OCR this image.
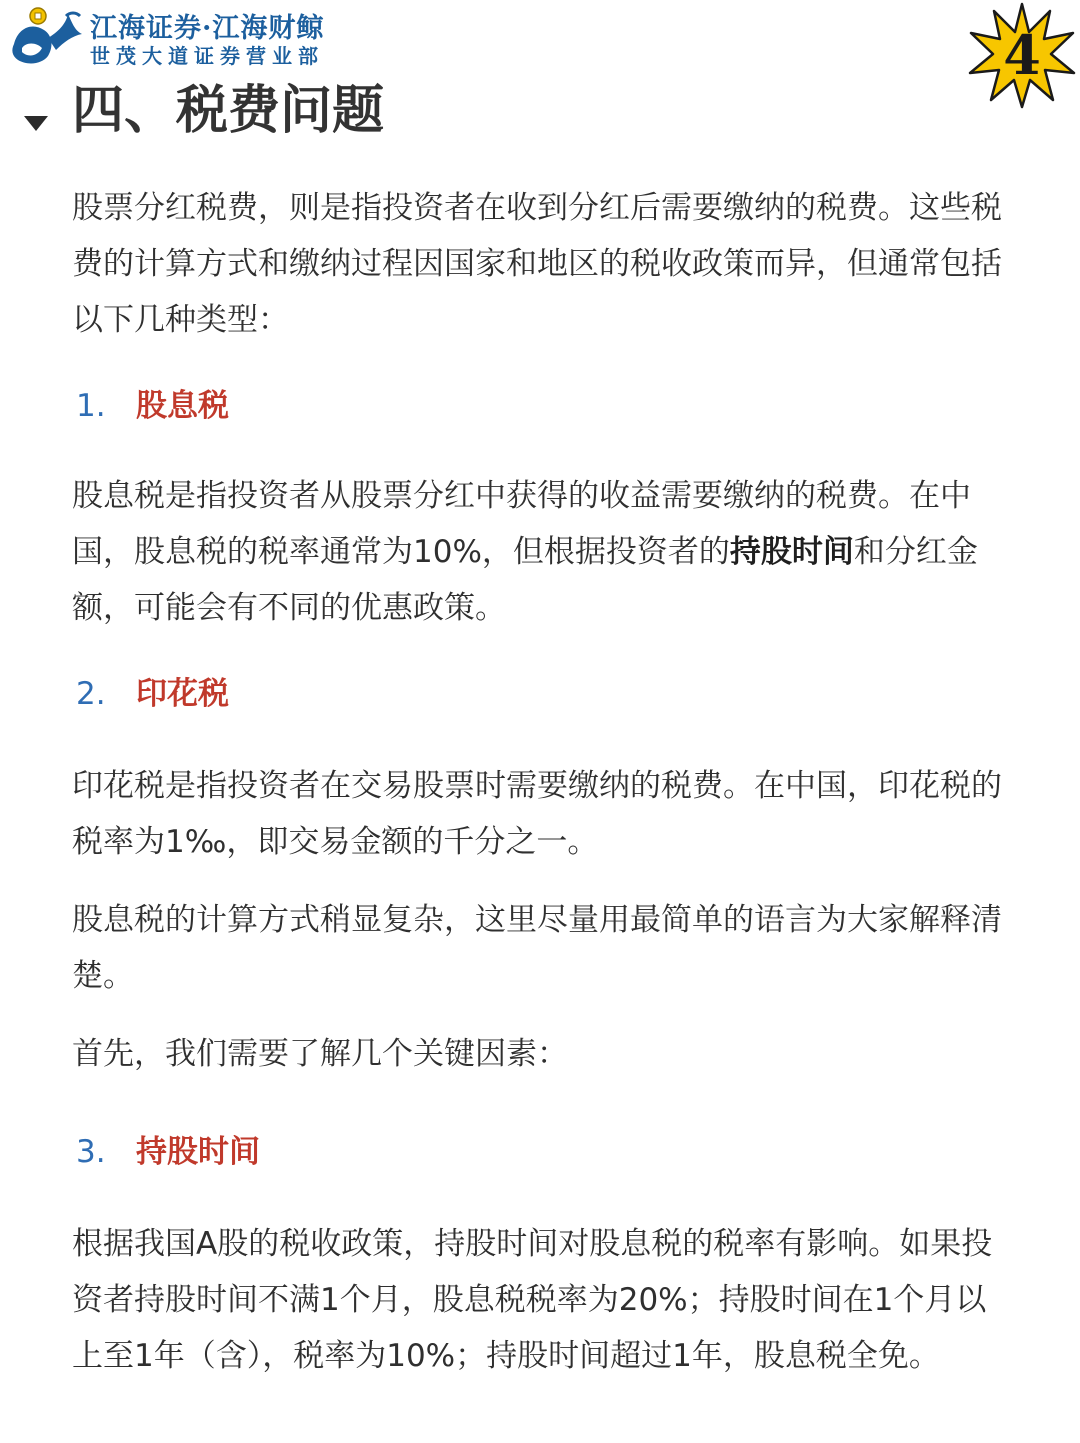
江海证券·江海财鲸

世茂大道证券营业部	4
四、税费问题

股票分红税费，则是指投资者在收到分红后需要缴纳的税费。这些税费的计算方式和缴纳过程因国家和地区的税收政策而异，但通常包括以下几种类型：

1. 股息税

股息税是指投资者从股票分红中获得的收益需要缴纳的税费。在中国，股息税的税率通常为10%，但根据投资者的持股时间和分红金额，可能会有不同的优惠政策。

2. 印花税

印花税是指投资者在交易股票时需要缴纳的税费。在中国，印花税的税率为1‰，即交易金额的千分之一。

股息税的计算方式稍显复杂，这里尽量用最简单的语言为大家解释清楚。

首先，我们需要了解几个关键因素：

3. 持股时间

根据我国A股的税收政策，持股时间对股息税的税率有影响。如果投资者持股时间不满1个月，股息税税率为20%；持股时间在1个月以上至1年（含），税率为10%；持股时间超过1年，股息税全免。
